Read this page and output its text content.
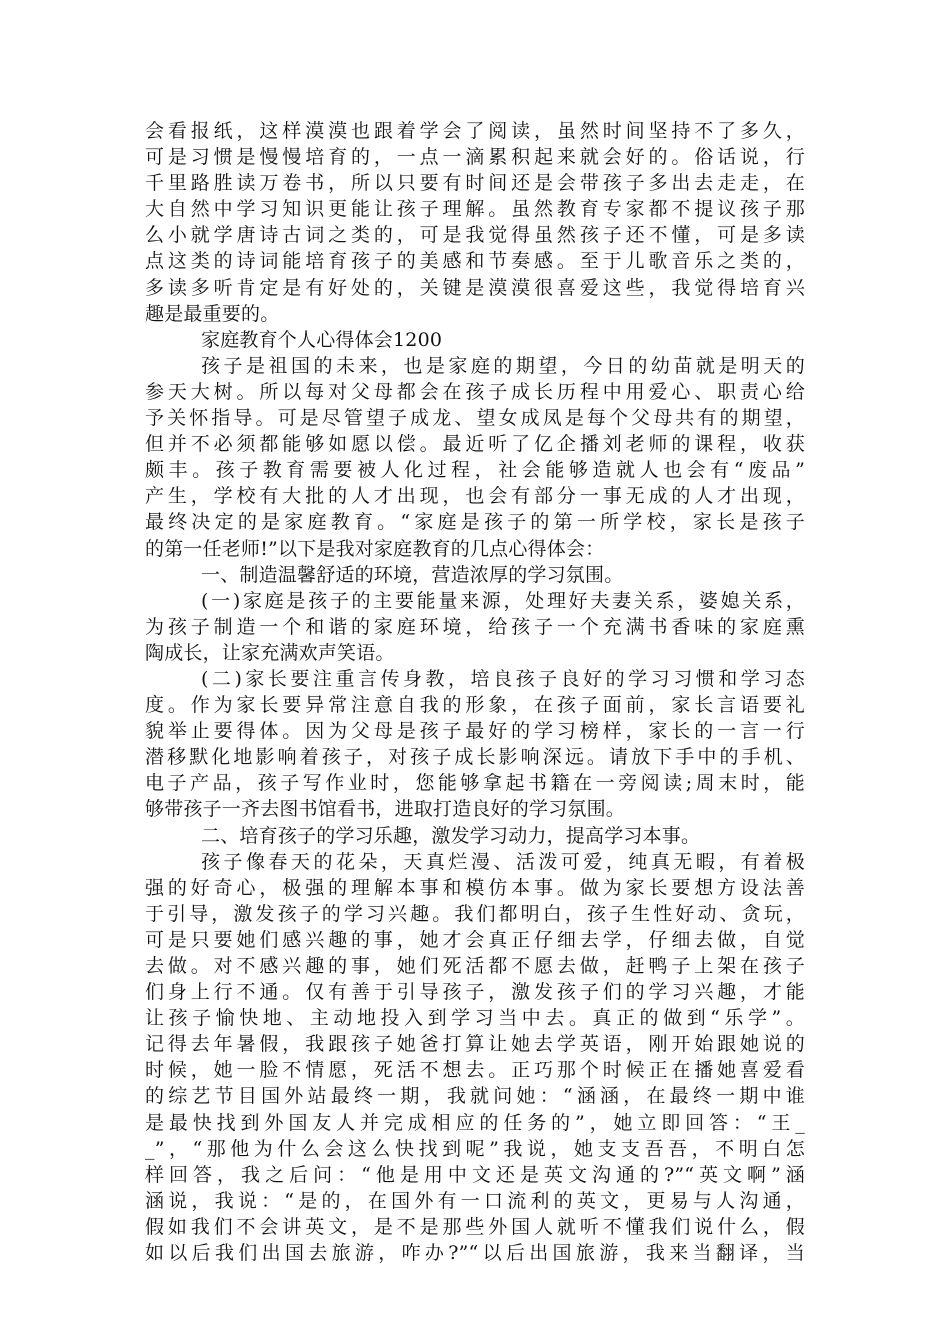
会看报纸，这样漠漠也跟着学会了阅读，虽然时间坚持不了多久，
可是习惯是慢慢培育的，一点一滴累积起来就会好的。俗话说，行
千里路胜读万卷书，所以只要有时间还是会带孩子多出去走走，在
大自然中学习知识更能让孩子理解。虽然教育专家都不提议孩子那
么小就学唐诗古词之类的，可是我觉得虽然孩子还不懂，可是多读
点这类的诗词能培育孩子的美感和节奏感。至于儿歌音乐之类的，
多读多听肯定是有好处的，关键是漠漠很喜爱这些，我觉得培育兴
趣是最重要的。
家庭教育个人心得体会1200
孩子是祖国的未来，也是家庭的期望，今日的幼苗就是明天的
参天大树。所以每对父母都会在孩子成长历程中用爱心、职责心给
予关怀指导。可是尽管望子成龙、望女成凤是每个父母共有的期望，
但并不必须都能够如愿以偿。最近听了亿企播刘老师的课程，收获
颇丰。孩子教育需要被人化过程，社会能够造就人也会有“废品”
产生，学校有大批的人才出现，也会有部分一事无成的人才出现，
最终决定的是家庭教育。“家庭是孩子的第一所学校，家长是孩子
的第一任老师!”以下是我对家庭教育的几点心得体会：
一、制造温馨舒适的环境，营造浓厚的学习氛围。
(一)家庭是孩子的主要能量来源，处理好夫妻关系，婆媳关系，
为孩子制造一个和谐的家庭环境，给孩子一个充满书香味的家庭熏
陶成长，让家充满欢声笑语。
(二)家长要注重言传身教，培良孩子良好的学习习惯和学习态
度。作为家长要异常注意自我的形象，在孩子面前，家长言语要礼
貌举止要得体。因为父母是孩子最好的学习榜样，家长的一言一行
潜移默化地影响着孩子，对孩子成长影响深远。请放下手中的手机、
电子产品，孩子写作业时，您能够拿起书籍在一旁阅读;周末时，能
够带孩子一齐去图书馆看书，进取打造良好的学习氛围。
二、培育孩子的学习乐趣，激发学习动力，提高学习本事。
孩子像春天的花朵，天真烂漫、活泼可爱，纯真无暇，有着极
强的好奇心，极强的理解本事和模仿本事。做为家长要想方设法善
于引导，激发孩子的学习兴趣。我们都明白，孩子生性好动、贪玩，
可是只要她们感兴趣的事，她才会真正仔细去学，仔细去做，自觉
去做。对不感兴趣的事，她们死活都不愿去做，赶鸭子上架在孩子
们身上行不通。仅有善于引导孩子，激发孩子们的学习兴趣，才能
让孩子愉快地、主动地投入到学习当中去。真正的做到“乐学”。
记得去年暑假，我跟孩子她爸打算让她去学英语，刚开始跟她说的
时候，她一脸不情愿，死活不想去。正巧那个时候正在播她喜爱看
的综艺节目国外站最终一期，我就问她：“涵涵，在最终一期中谁
是最快找到外国友人并完成相应的任务的”，她立即回答：“王_
_”，“那他为什么会这么快找到呢”我说，她支支吾吾，不明白怎
样回答，我之后问：“他是用中文还是英文沟通的?”“英文啊”涵
涵说，我说：“是的，在国外有一口流利的英文，更易与人沟通，
假如我们不会讲英文，是不是那些外国人就听不懂我们说什么，假
如以后我们出国去旅游，咋办?”“以后出国旅游，我来当翻译，当
